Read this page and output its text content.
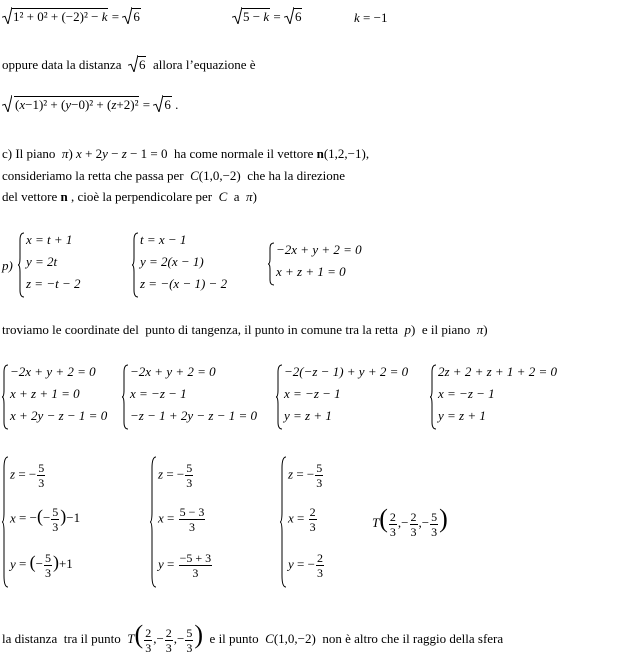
1² + 0² + (−2)² − k =
6	5 − k =
6	k = −1
oppure data la distanza
6  allora l’equazione è
(x−1)² + (y−0)² + (z+2)² =
6 .
c) Il piano  π) x + 2y − z − 1 = 0  ha come normale il vettore n(1,2,−1),
consideriamo la retta che passa per  C(1,0,−2)  che ha la direzione
del vettore n , cioè la perpendicolare per  C  a  π)
p)
x = t + 1
y = 2t
z = −t − 2
t = x − 1
y = 2(x − 1)
z = −(x − 1) − 2
−2x + y + 2 = 0
x + z + 1 = 0
troviamo le coordinate del  punto di tangenza, il punto in comune tra la retta  p)  e il piano  π)
−2x + y + 2 = 0
x + z + 1 = 0
x + 2y − z − 1 = 0
−2x + y + 2 = 0
x = −z − 1
−z − 1 + 2y − z − 1 = 0
−2(−z − 1) + y + 2 = 0
x = −z − 1
y = z + 1
2z + 2 + z + 1 + 2 = 0
x = −z − 1
y = z + 1
z = − $\frac{5}{3}$
x = −(− $\frac{5}{3} )-1$
y = (− $\frac{5}{3} )+1$
z = − $\frac{5}{3}$
$x = \frac{5 - 3}{3}$
$y = \frac{-5 + 3}{3}$
z = − $\frac{5}{3}$
$x = \frac{2}{3}$
y = − $\frac{2}{3}$
$T( \frac{2}{3}$ ,− $\frac{2}{3}$ ,− $\frac{5}{3}$ )
la distanza  tra il punto  $T( \frac{2}{3}$ ,− $\frac{2}{3}$ ,− $\frac{5}{3}$ )  e il punto  C(1,0,−2)  non è altro che il raggio della sfera
